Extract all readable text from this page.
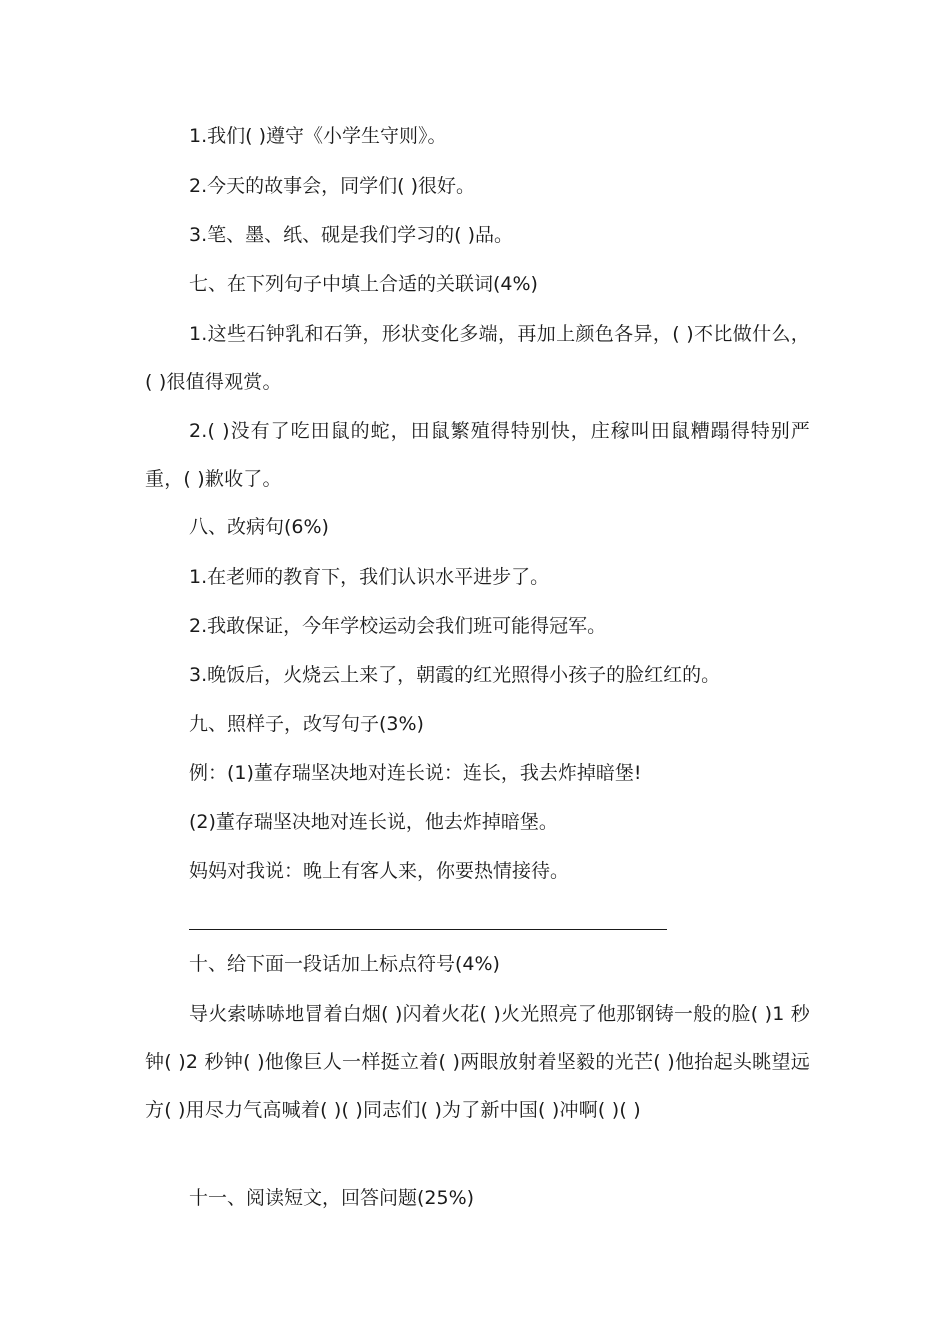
1.我们( )遵守《小学生守则》。
2.今天的故事会，同学们( )很好。
3.笔、墨、纸、砚是我们学习的( )品。
七、在下列句子中填上合适的关联词(4%)
1.这些石钟乳和石笋，形状变化多端，再加上颜色各异，( )不比做什么，( )很值得观赏。
2.( )没有了吃田鼠的蛇，田鼠繁殖得特别快，庄稼叫田鼠糟蹋得特别严重，( )歉收了。
八、改病句(6%)
1.在老师的教育下，我们认识水平进步了。
2.我敢保证，今年学校运动会我们班可能得冠军。
3.晚饭后，火烧云上来了，朝霞的红光照得小孩子的脸红红的。
九、照样子，改写句子(3%)
例：(1)董存瑞坚决地对连长说：连长，我去炸掉暗堡!
(2)董存瑞坚决地对连长说，他去炸掉暗堡。
妈妈对我说：晚上有客人来，你要热情接待。
十、给下面一段话加上标点符号(4%)
导火索哧哧地冒着白烟( )闪着火花( )火光照亮了他那钢铸一般的脸( )1 秒钟( )2 秒钟( )他像巨人一样挺立着( )两眼放射着坚毅的光芒( )他抬起头眺望远方( )用尽力气高喊着( )( )同志们( )为了新中国( )冲啊( )( )
十一、阅读短文，回答问题(25%)
